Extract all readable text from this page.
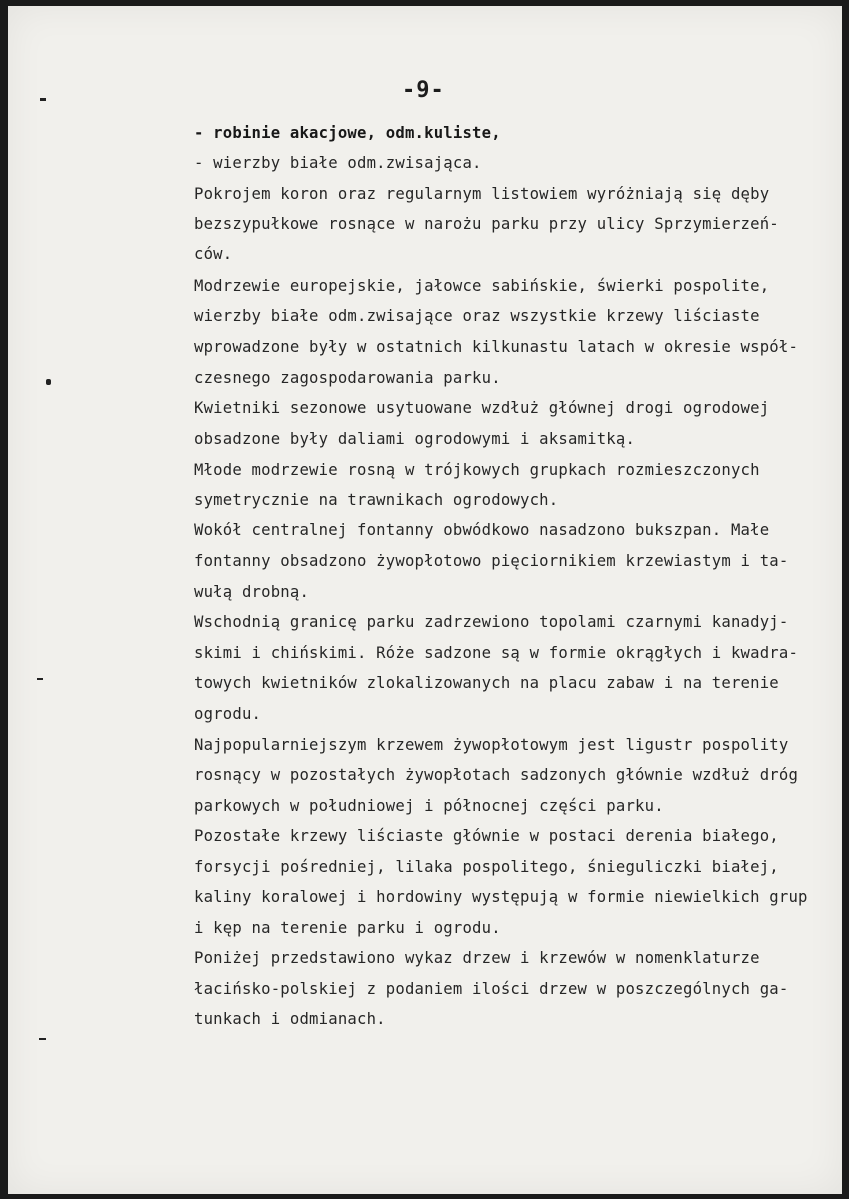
-9-

- robinie akacjowe, odm.kuliste,

- wierzby białe odm.zwisająca.

Pokrojem koron oraz regularnym listowiem wyróżniają się dęby

bezszypułkowe rosnące w narożu parku przy ulicy Sprzymierzeń-

ców.

Modrzewie europejskie, jałowce sabińskie, świerki pospolite,

wierzby białe odm.zwisające oraz wszystkie krzewy liściaste

wprowadzone były w ostatnich kilkunastu latach w okresie współ-

czesnego zagospodarowania parku.

Kwietniki sezonowe usytuowane wzdłuż głównej drogi ogrodowej

obsadzone były daliami ogrodowymi i aksamitką.

Młode modrzewie rosną w trójkowych grupkach rozmieszczonych

symetrycznie na trawnikach ogrodowych.

Wokół centralnej fontanny obwódkowo nasadzono bukszpan. Małe

fontanny obsadzono żywopłotowo pięciornikiem krzewiastym i ta-

wułą drobną.

Wschodnią granicę parku zadrzewiono topolami czarnymi kanadyj-

skimi i chińskimi. Róże sadzone są w formie okrągłych i kwadra-

towych kwietników zlokalizowanych na placu zabaw i na terenie

ogrodu.

Najpopularniejszym krzewem żywopłotowym jest ligustr pospolity

rosnący w pozostałych żywopłotach sadzonych głównie wzdłuż dróg

parkowych w południowej i północnej części parku.

Pozostałe krzewy liściaste głównie w postaci derenia białego,

forsycji pośredniej, lilaka pospolitego, śnieguliczki białej,

kaliny koralowej i hordowiny występują w formie niewielkich grup

i kęp na terenie parku i ogrodu.

Poniżej przedstawiono wykaz drzew i krzewów w nomenklaturze

łacińsko-polskiej z podaniem ilości drzew w poszczególnych ga-

tunkach i odmianach.
